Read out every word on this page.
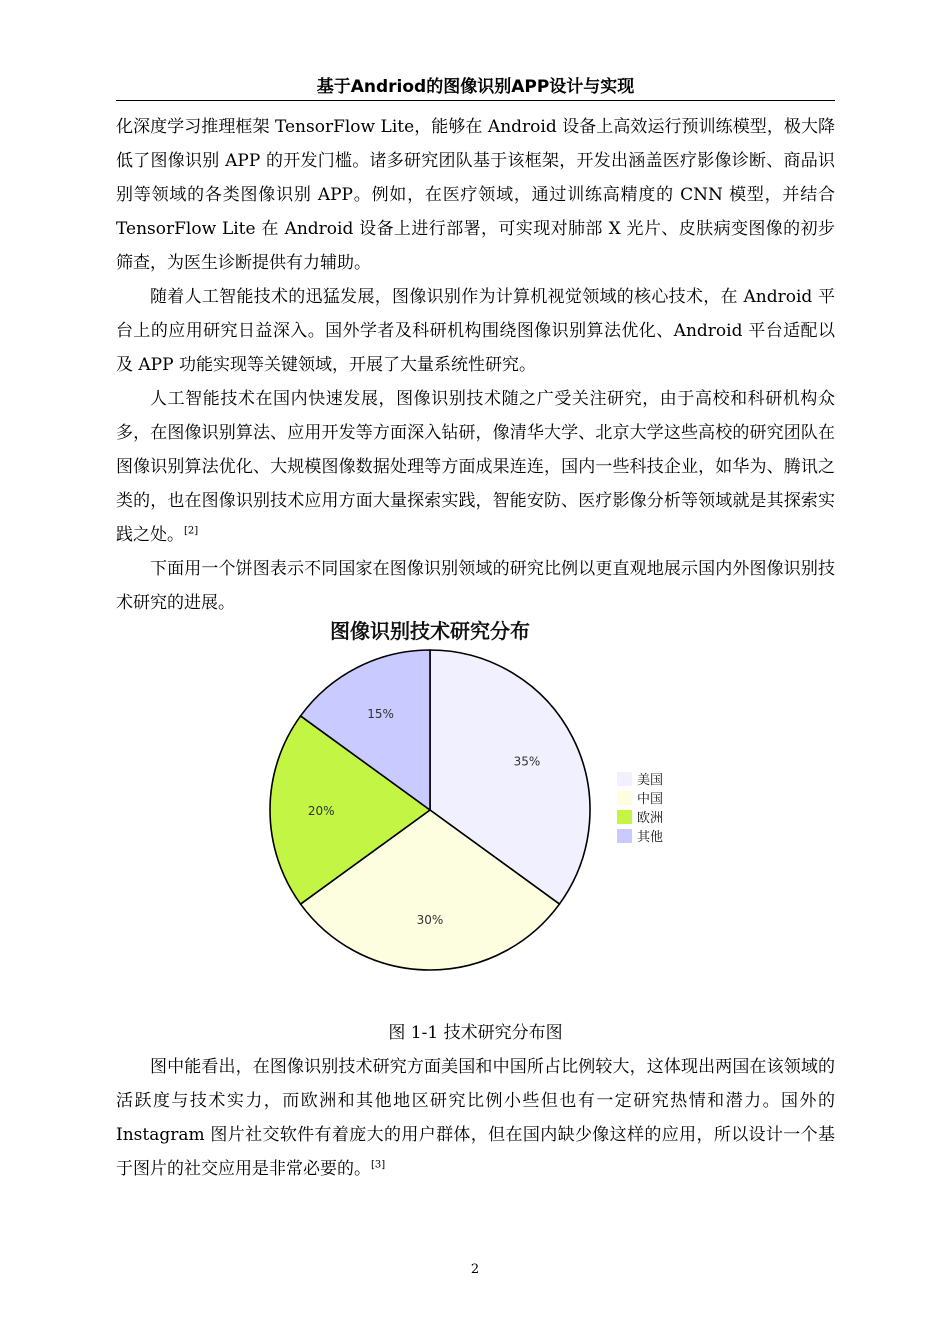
基于Andriod的图像识别APP设计与实现

化深度学习推理框架 TensorFlow Lite，能够在 Android 设备上高效运行预训练模型，极大降低了图像识别 APP 的开发门槛。诸多研究团队基于该框架，开发出涵盖医疗影像诊断、商品识别等领域的各类图像识别 APP。例如，在医疗领域，通过训练高精度的 CNN 模型，并结合 TensorFlow Lite 在 Android 设备上进行部署，可实现对肺部 X 光片、皮肤病变图像的初步筛查，为医生诊断提供有力辅助。

随着人工智能技术的迅猛发展，图像识别作为计算机视觉领域的核心技术，在 Android 平台上的应用研究日益深入。国外学者及科研机构围绕图像识别算法优化、Android 平台适配以及 APP 功能实现等关键领域，开展了大量系统性研究。

人工智能技术在国内快速发展，图像识别技术随之广受关注研究，由于高校和科研机构众多，在图像识别算法、应用开发等方面深入钻研，像清华大学、北京大学这些高校的研究团队在图像识别算法优化、大规模图像数据处理等方面成果连连，国内一些科技企业，如华为、腾讯之类的，也在图像识别技术应用方面大量探索实践，智能安防、医疗影像分析等领域就是其探索实践之处。[2]

下面用一个饼图表示不同国家在图像识别领域的研究比例以更直观地展示国内外图像识别技术研究的进展。

图像识别技术研究分布
35%
30%
20%
15%
美国
中国
欧洲
其他
图 1-1 技术研究分布图

图中能看出，在图像识别技术研究方面美国和中国所占比例较大，这体现出两国在该领域的活跃度与技术实力，而欧洲和其他地区研究比例小些但也有一定研究热情和潜力。国外的 Instagram 图片社交软件有着庞大的用户群体，但在国内缺少像这样的应用，所以设计一个基于图片的社交应用是非常必要的。[3]

2
